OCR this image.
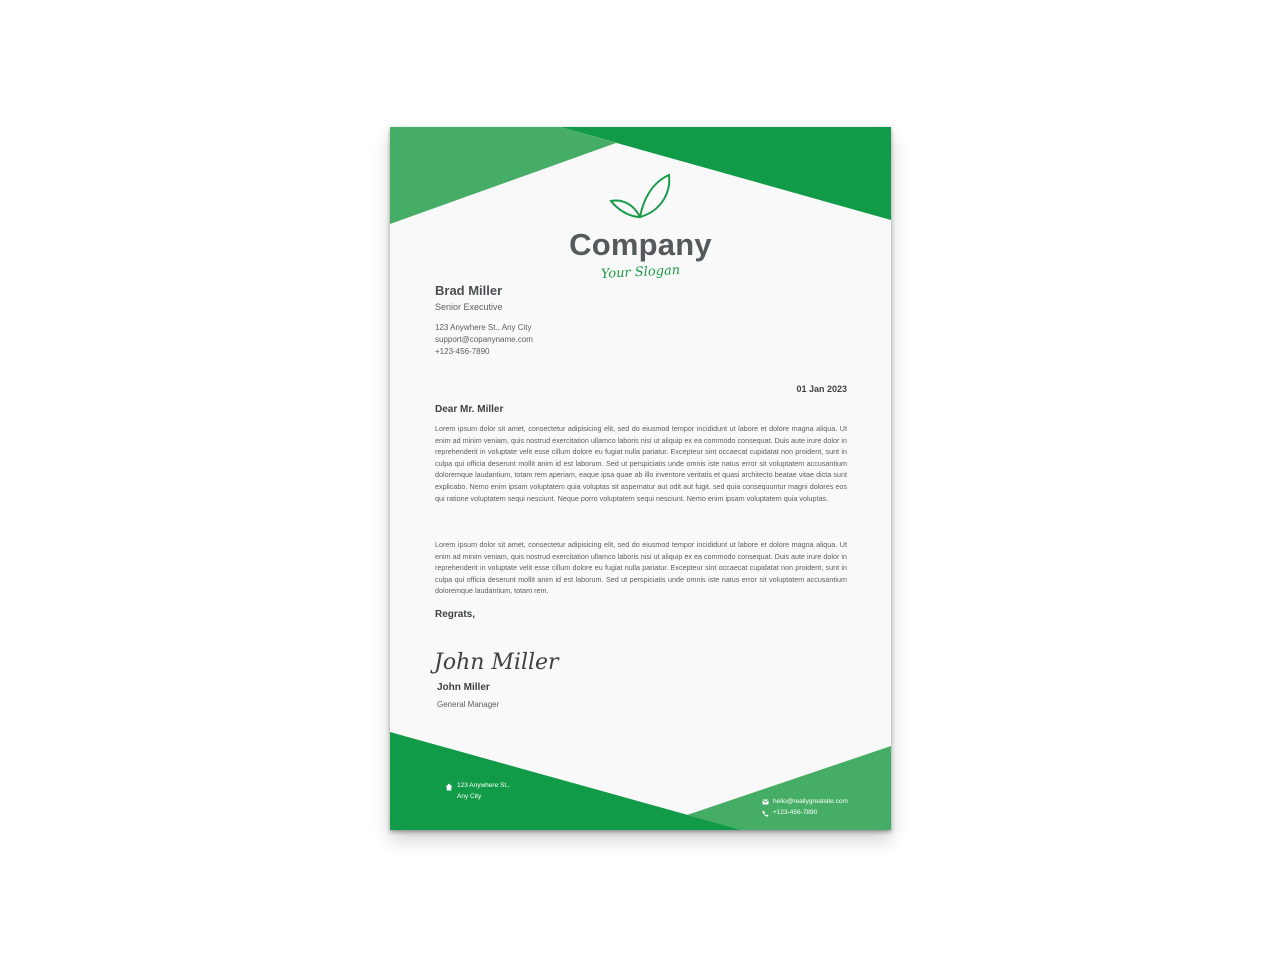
Company
Your Slogan
Brad Miller
Senior Executive
123 Anywhere St., Any City
support@copanyname.com
+123-456-7890
01 Jan 2023
Dear Mr. Miller

Lorem ipsum dolor sit amet, consectetur adipisicing elit, sed do eiusmod tempor incididunt ut labore et dolore magna aliqua. Ut enim ad minim veniam, quis nostrud exercitation ullamco laboris nisi ut aliquip ex ea commodo consequat. Duis aute irure dolor in reprehenderit in voluptate velit esse cillum dolore eu fugiat nulla pariatur. Excepteur sint occaecat cupidatat non proident, sunt in culpa qui officia deserunt mollit anim id est laborum. Sed ut perspiciatis unde omnis iste natus error sit voluptatem accusantium doloremque laudantium, totam rem aperiam, eaque ipsa quae ab illo inventore veritatis et quasi architecto beatae vitae dicta sunt explicabo. Nemo enim ipsam voluptatem quia voluptas sit aspernatur aut odit aut fugit, sed quia consequuntur magni dolores eos qui ratione voluptatem sequi nesciunt. Neque porro voluptatem sequi nesciunt. Nemo enim ipsam voluptatem quia voluptas.

Lorem ipsum dolor sit amet, consectetur adipisicing elit, sed do eiusmod tempor incididunt ut labore et dolore magna aliqua. Ut enim ad minim veniam, quis nostrud exercitation ullamco laboris nisi ut aliquip ex ea commodo consequat. Duis aute irure dolor in reprehenderit in voluptate velit esse cillum dolore eu fugiat nulla pariatur. Excepteur sint occaecat cupidatat non proident, sunt in culpa qui officia deserunt mollit anim id est laborum. Sed ut perspiciatis unde omnis iste natus error sit voluptatem accusantium doloremque laudantium, totam rem.

Regrats,
John Miller
John Miller
General Manager
123 Anywhere St.,
Any City
hello@reallygreatsite.com
+123-456-7890
